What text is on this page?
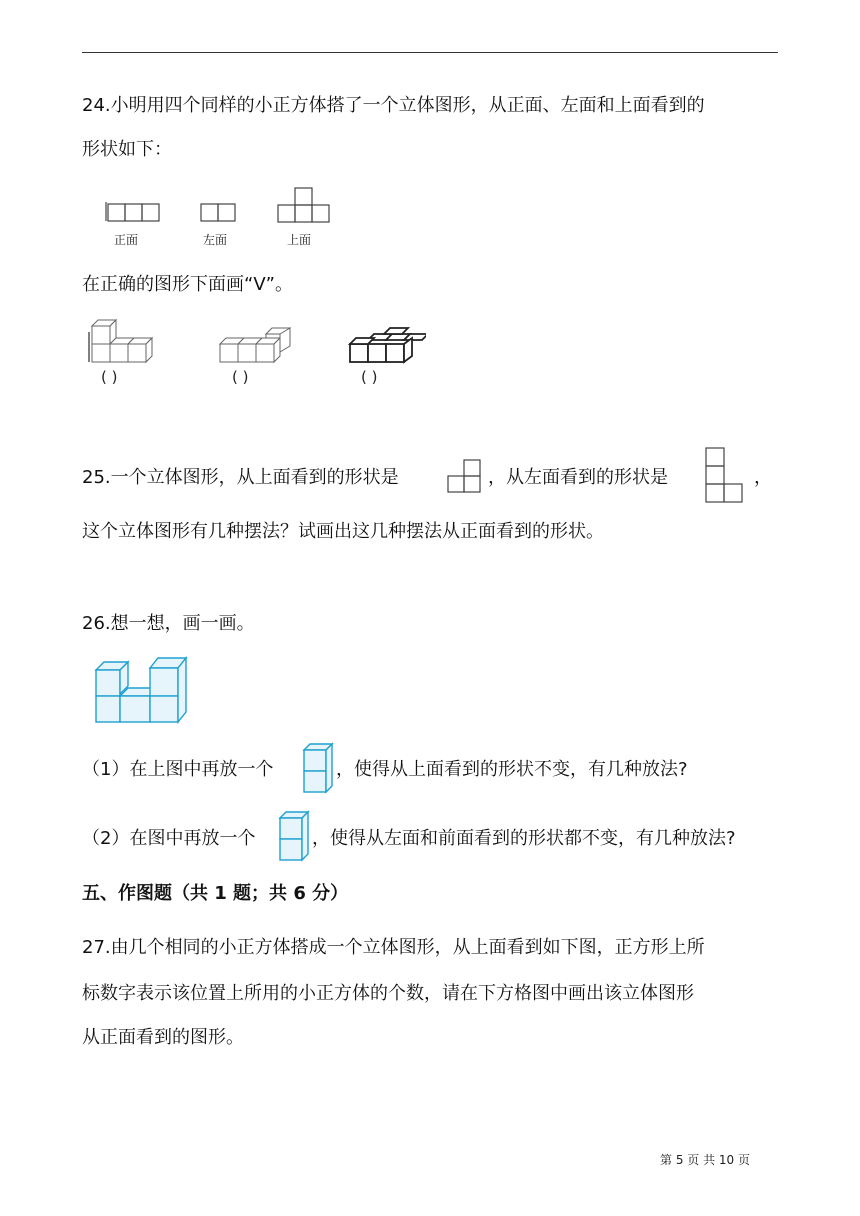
24.小明用四个同样的小正方体搭了一个立体图形，从正面、左面和上面看到的
形状如下：
正面	左面	上面
在正确的图形下面画“V”。
( )	( )	( )
25.一个立体图形，从上面看到的形状是	，从左面看到的形状是	，
这个立体图形有几种摆法？试画出这几种摆法从正面看到的形状。
26.想一想，画一画。
（1）在上图中再放一个	，使得从上面看到的形状不变，有几种放法?
（2）在图中再放一个	，使得从左面和前面看到的形状都不变，有几种放法?
五、作图题（共 1 题；共 6 分）
27.由几个相同的小正方体搭成一个立体图形，从上面看到如下图，正方形上所
标数字表示该位置上所用的小正方体的个数，请在下方格图中画出该立体图形
从正面看到的图形。
第 5 页 共 10 页
